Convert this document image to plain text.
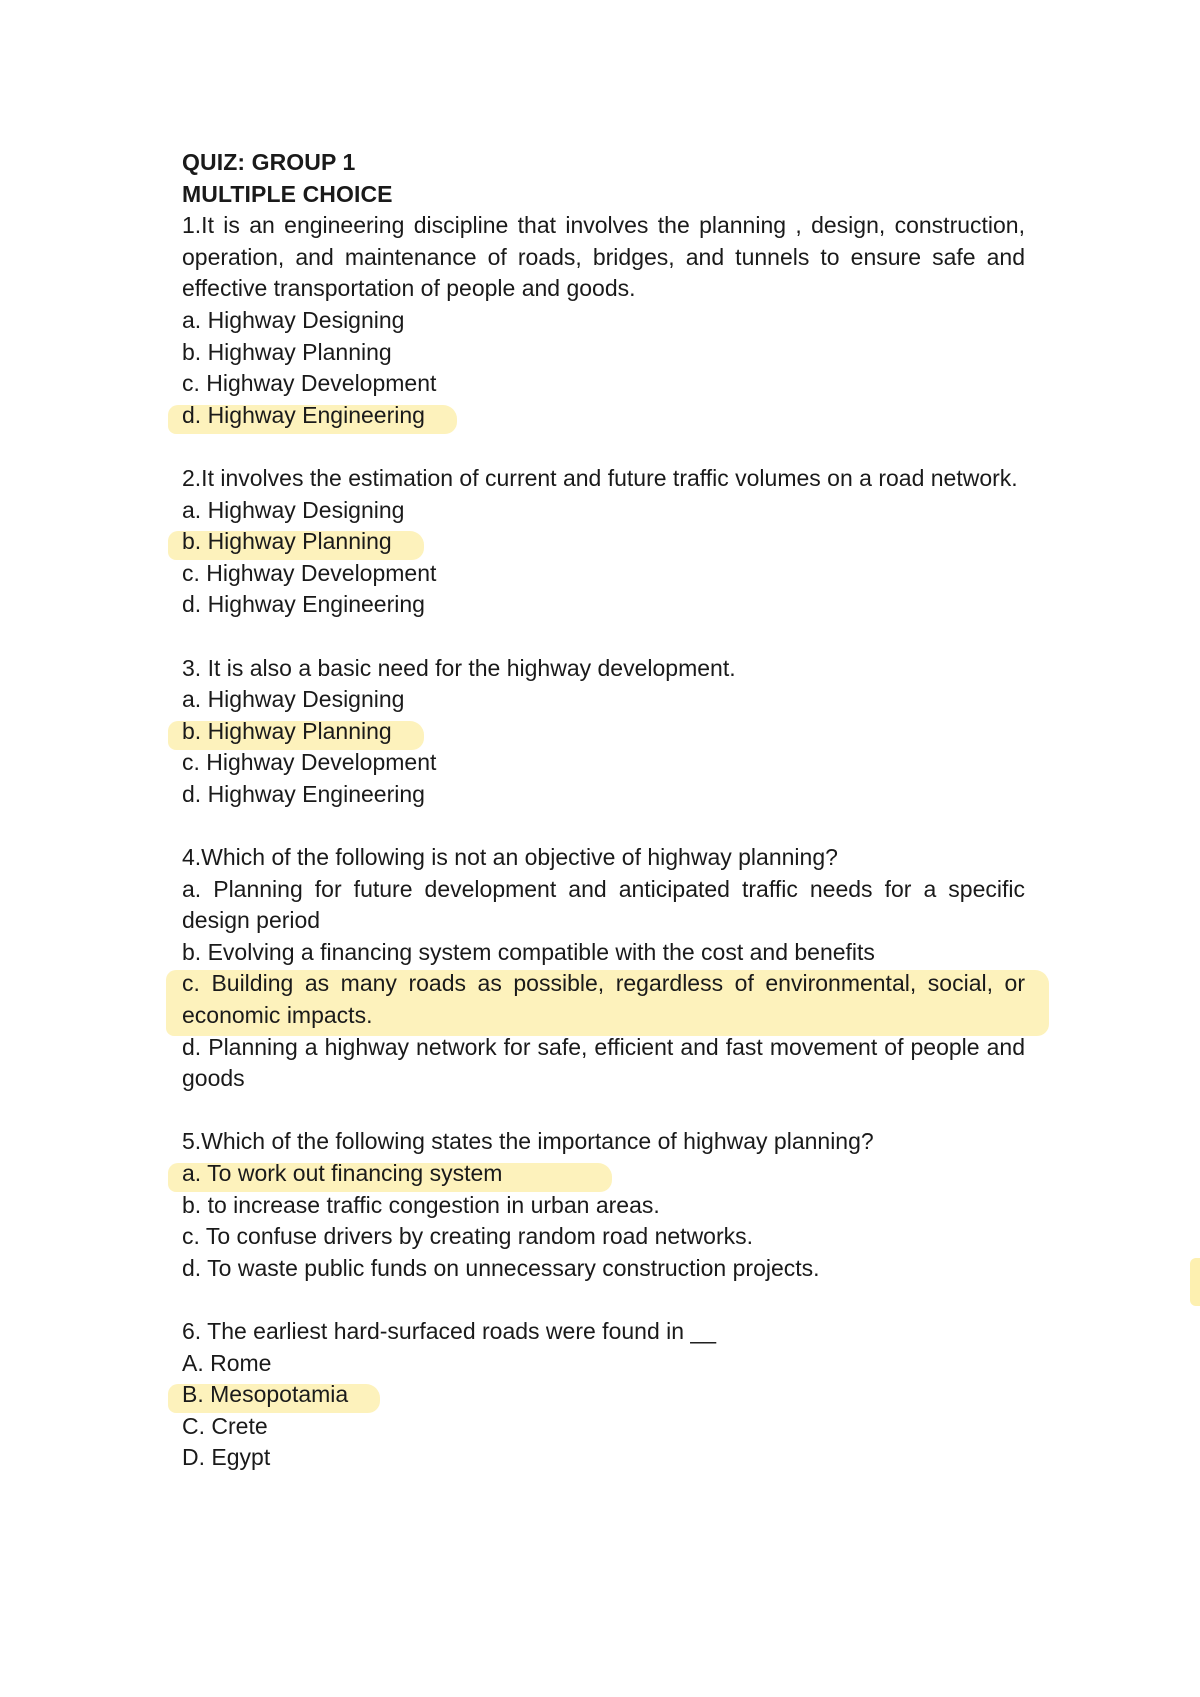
QUIZ: GROUP 1
MULTIPLE CHOICE
1.It is an engineering discipline that involves the planning , design, construction, operation, and maintenance of roads, bridges, and tunnels to ensure safe and effective transportation of people and goods.
a. Highway Designing
b. Highway Planning
c. Highway Development
d. Highway Engineering
2.It involves the estimation of current and future traffic volumes on a road network.
a. Highway Designing
b. Highway Planning
c. Highway Development
d. Highway Engineering
3. It is also a basic need for the highway development.
a. Highway Designing
b. Highway Planning
c. Highway Development
d. Highway Engineering
4.Which of the following is not an objective of highway planning?
a. Planning for future development and anticipated traffic needs for a specific design period
b. Evolving a financing system compatible with the cost and benefits
c. Building as many roads as possible, regardless of environmental, social, or economic impacts.
d. Planning a highway network for safe, efficient and fast movement of people and goods
5.Which of the following states the importance of highway planning?
a. To work out financing system
b. to increase traffic congestion in urban areas.
c. To confuse drivers by creating random road networks.
d. To waste public funds on unnecessary construction projects.
6. The earliest hard-surfaced roads were found in __
A. Rome
B. Mesopotamia
C. Crete
D. Egypt
